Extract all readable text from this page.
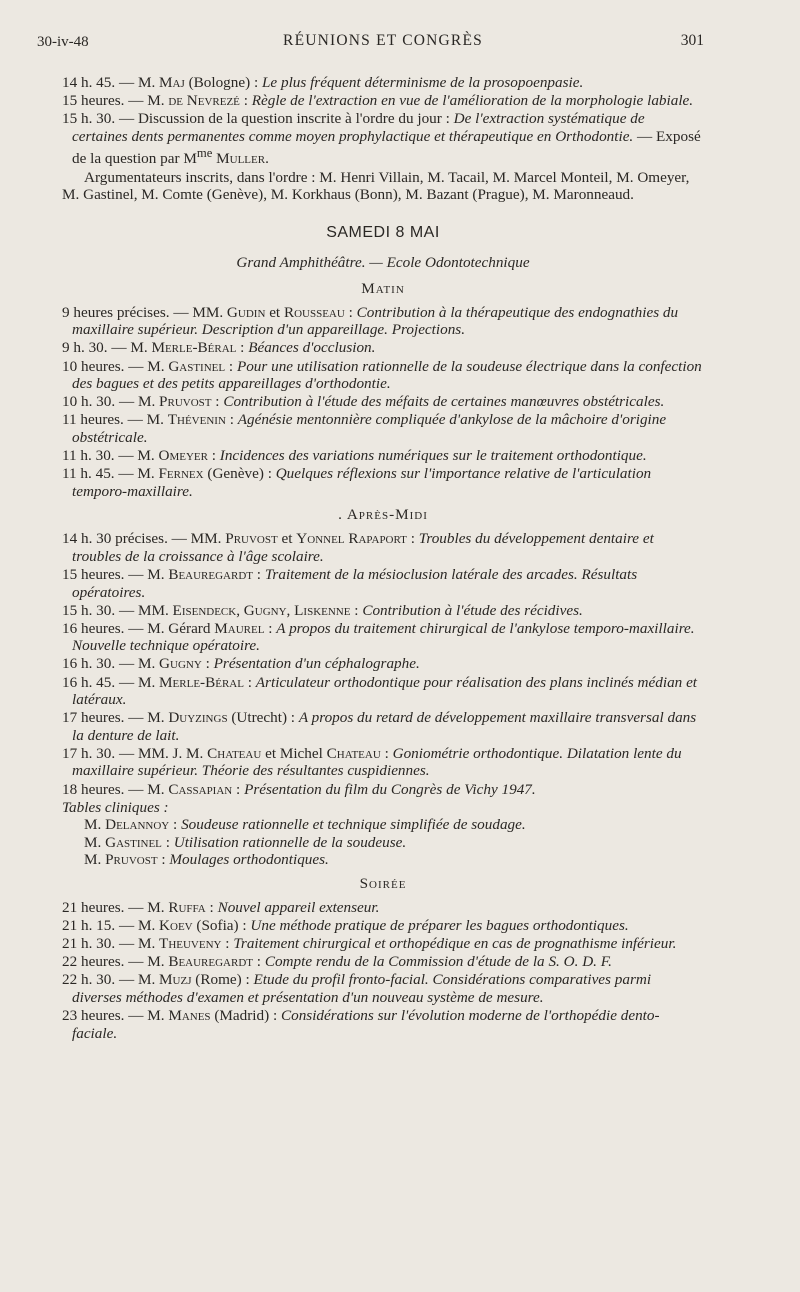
30-iv-48	RÉUNIONS ET CONGRÈS	301
14 h. 45. — M. Maj (Bologne) : Le plus fréquent déterminisme de la prosopoenpasie.
15 heures. — M. de Nevrezé : Règle de l'extraction en vue de l'amélioration de la morphologie labiale.
15 h. 30. — Discussion de la question inscrite à l'ordre du jour : De l'extraction systématique de certaines dents permanentes comme moyen prophylactique et thérapeutique en Orthodontie. — Exposé de la question par $M^{me}$ Muller.
Argumentateurs inscrits, dans l'ordre : M. Henri Villain, M. Tacail, M. Marcel Monteil, M. Omeyer, M. Gastinel, M. Comte (Genève), M. Korkhaus (Bonn), M. Bazant (Prague), M. Maronneaud.
SAMEDI 8 MAI
Grand Amphithéâtre. — Ecole Odontotechnique
Matin
9 heures précises. — MM. Gudin et Rousseau : Contribution à la thérapeutique des endognathies du maxillaire supérieur. Description d'un appareillage. Projections.
9 h. 30. — M. Merle-Béral : Béances d'occlusion.
10 heures. — M. Gastinel : Pour une utilisation rationnelle de la soudeuse électrique dans la confection des bagues et des petits appareillages d'orthodontie.
10 h. 30. — M. Pruvost : Contribution à l'étude des méfaits de certaines manœuvres obstétricales.
11 heures. — M. Thévenin : Agénésie mentonnière compliquée d'ankylose de la mâchoire d'origine obstétricale.
11 h. 30. — M. Omeyer : Incidences des variations numériques sur le traitement orthodontique.
11 h. 45. — M. Fernex (Genève) : Quelques réflexions sur l'importance relative de l'articulation temporo-maxillaire.
. Après-Midi
14 h. 30 précises. — MM. Pruvost et Yonnel Rapaport : Troubles du développement dentaire et troubles de la croissance à l'âge scolaire.
15 heures. — M. Beauregardt : Traitement de la mésioclusion latérale des arcades. Résultats opératoires.
15 h. 30. — MM. Eisendeck, Gugny, Liskenne : Contribution à l'étude des récidives.
16 heures. — M. Gérard Maurel : A propos du traitement chirurgical de l'ankylose temporo-maxillaire. Nouvelle technique opératoire.
16 h. 30. — M. Gugny : Présentation d'un céphalographe.
16 h. 45. — M. Merle-Béral : Articulateur orthodontique pour réalisation des plans inclinés médian et latéraux.
17 heures. — M. Duyzings (Utrecht) : A propos du retard de développement maxillaire transversal dans la denture de lait.
17 h. 30. — MM. J. M. Chateau et Michel Chateau : Goniométrie orthodontique. Dilatation lente du maxillaire supérieur. Théorie des résultantes cuspidiennes.
18 heures. — M. Cassapian : Présentation du film du Congrès de Vichy 1947.
Tables cliniques :
M. Delannoy : Soudeuse rationnelle et technique simplifiée de soudage.
M. Gastinel : Utilisation rationnelle de la soudeuse.
M. Pruvost : Moulages orthodontiques.
Soirée
21 heures. — M. Ruffa : Nouvel appareil extenseur.
21 h. 15. — M. Koev (Sofia) : Une méthode pratique de préparer les bagues orthodontiques.
21 h. 30. — M. Theuveny : Traitement chirurgical et orthopédique en cas de prognathisme inférieur.
22 heures. — M. Beauregardt : Compte rendu de la Commission d'étude de la S. O. D. F.
22 h. 30. — M. Muzj (Rome) : Etude du profil fronto-facial. Considérations comparatives parmi diverses méthodes d'examen et présentation d'un nouveau système de mesure.
23 heures. — M. Manes (Madrid) : Considérations sur l'évolution moderne de l'orthopédie dento-faciale.
